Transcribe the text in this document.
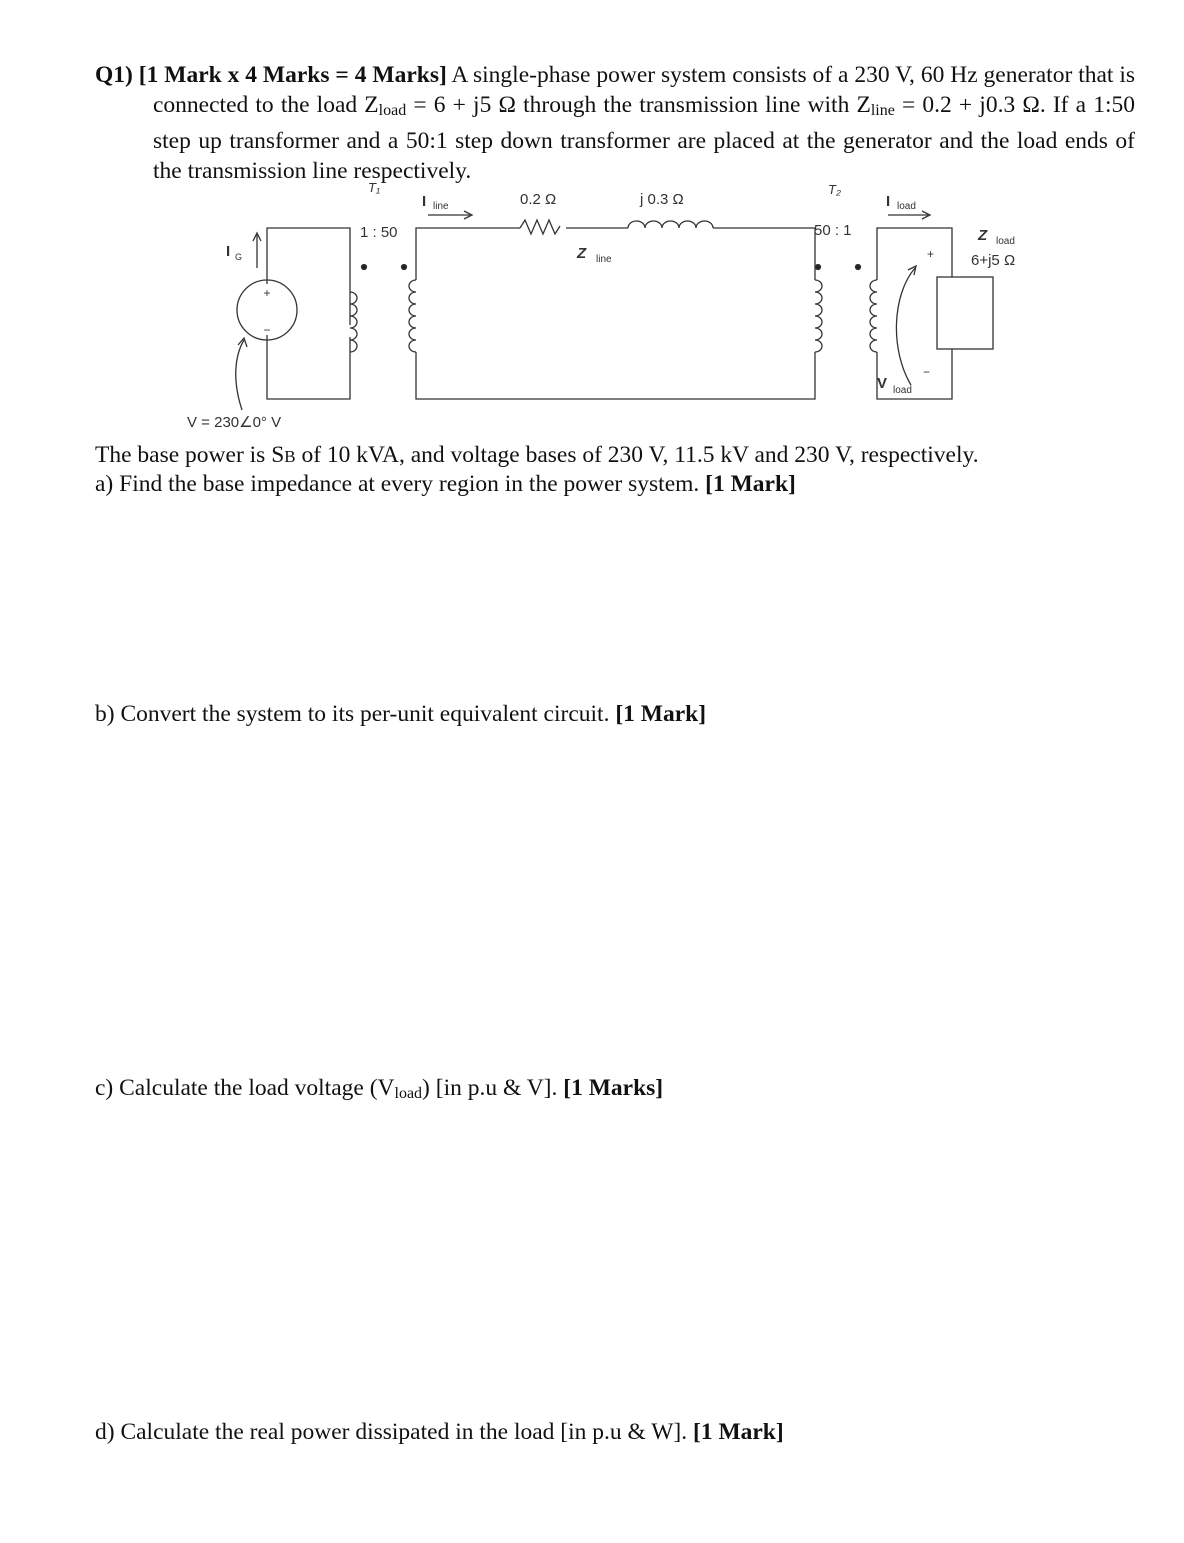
Q1) [1 Mark x 4 Marks = 4 Marks] A single-phase power system consists of a 230 V, 60 Hz generator that is connected to the load Zload = 6 + j5 Ω through the transmission line with Zline = 0.2 + j0.3 Ω. If a 1:50 step up transformer and a 50:1 step down transformer are placed at the generator and the load ends of the transmission line respectively.
+
−
I G
T₁
1 : 50
0.2 Ω	j 0.3 Ω
I line
Z line
T₂
50 : 1
+
−
I load
Z load
6+j5 Ω
V load
V = 230∠0° V
The base power is SB of 10 kVA, and voltage bases of 230 V, 11.5 kV and 230 V, respectively.
a) Find the base impedance at every region in the power system. [1 Mark]
b) Convert the system to its per-unit equivalent circuit. [1 Mark]
c) Calculate the load voltage (Vload) [in p.u & V]. [1 Marks]
d) Calculate the real power dissipated in the load [in p.u & W]. [1 Mark]
